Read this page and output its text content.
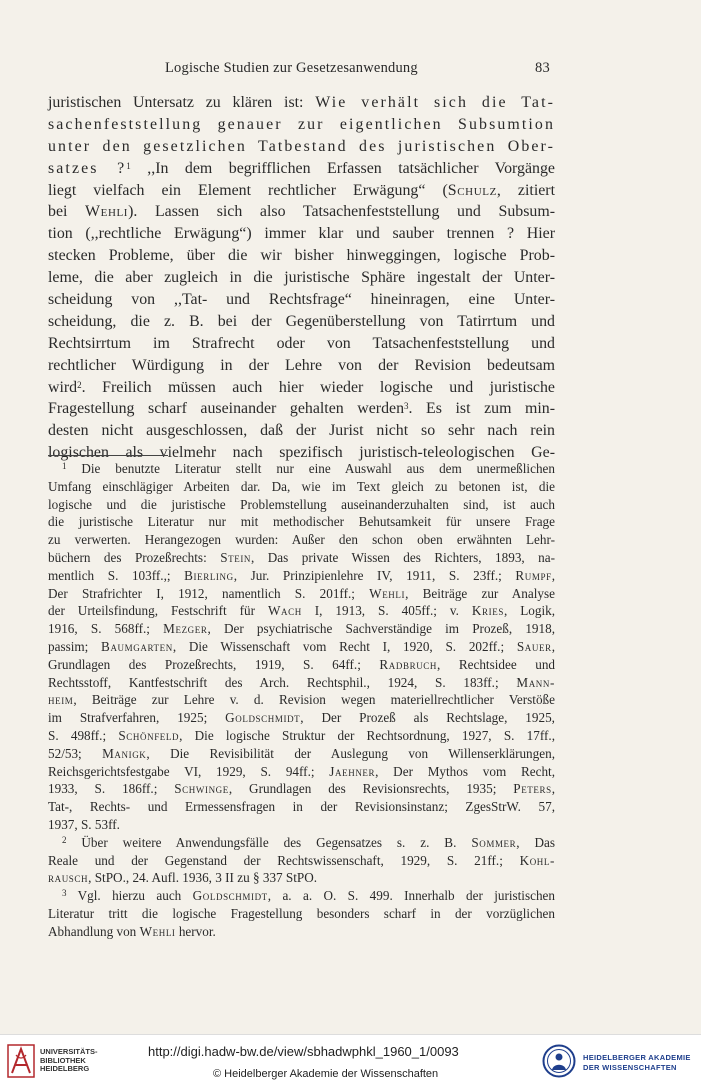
Logische Studien zur Gesetzesanwendung	83
juristischen Untersatz zu klären ist: Wie verhält sich die Tat-
sachenfeststellung genauer zur eigentlichen Subsumtion
unter den gesetzlichen Tatbestand des juristischen Ober-
satzes ?$^1$ ,,In dem begrifflichen Erfassen tatsächlicher Vorgänge
liegt vielfach ein Element rechtlicher Erwägung“ (Schulz, zitiert
bei Wehli). Lassen sich also Tatsachenfeststellung und Subsum-
tion (,,rechtliche Erwägung“) immer klar und sauber trennen ? Hier
stecken Probleme, über die wir bisher hinweggingen, logische Prob-
leme, die aber zugleich in die juristische Sphäre ingestalt der Unter-
scheidung von ,,Tat- und Rechtsfrage“ hineinragen, eine Unter-
scheidung, die z. B. bei der Gegenüberstellung von Tatirrtum und
Rechtsirrtum im Strafrecht oder von Tatsachenfeststellung und
rechtlicher Würdigung in der Lehre von der Revision bedeutsam
wird$^2$. Freilich müssen auch hier wieder logische und juristische
Fragestellung scharf auseinander gehalten werden$^3$. Es ist zum min-
desten nicht ausgeschlossen, daß der Jurist nicht so sehr nach rein
logischen als vielmehr nach spezifisch juristisch-teleologischen Ge-
$^1$ Die benutzte Literatur stellt nur eine Auswahl aus dem unermeßlichen
Umfang einschlägiger Arbeiten dar. Da, wie im Text gleich zu betonen ist, die
logische und die juristische Problemstellung auseinanderzuhalten sind, ist auch
die juristische Literatur nur mit methodischer Behutsamkeit für unsere Frage
zu verwerten. Herangezogen wurden: Außer den schon oben erwähnten Lehr-
büchern des Prozeßrechts: Stein, Das private Wissen des Richters, 1893, na-
mentlich S. 103ff.,; Bierling, Jur. Prinzipienlehre IV, 1911, S. 23ff.; Rumpf,
Der Strafrichter I, 1912, namentlich S. 201ff.; Wehli, Beiträge zur Analyse
der Urteilsfindung, Festschrift für Wach I, 1913, S. 405ff.; v. Kries, Logik,
1916, S. 568ff.; Mezger, Der psychiatrische Sachverständige im Prozeß, 1918,
passim; Baumgarten, Die Wissenschaft vom Recht I, 1920, S. 202ff.; Sauer,
Grundlagen des Prozeßrechts, 1919, S. 64ff.; Radbruch, Rechtsidee und
Rechtsstoff, Kantfestschrift des Arch. Rechtsphil., 1924, S. 183ff.; Mann-
heim, Beiträge zur Lehre v. d. Revision wegen materiellrechtlicher Verstöße
im Strafverfahren, 1925; Goldschmidt, Der Prozeß als Rechtslage, 1925,
S. 498ff.; Schönfeld, Die logische Struktur der Rechtsordnung, 1927, S. 17ff.,
52/53; Manigk, Die Revisibilität der Auslegung von Willenserklärungen,
Reichsgerichtsfestgabe VI, 1929, S. 94ff.; Jaehner, Der Mythos vom Recht,
1933, S. 186ff.; Schwinge, Grundlagen des Revisionsrechts, 1935; Peters,
Tat-, Rechts- und Ermessensfragen in der Revisionsinstanz; ZgesStrW. 57,
1937, S. 53ff.
$^2$ Über weitere Anwendungsfälle des Gegensatzes s. z. B. Sommer, Das
Reale und der Gegenstand der Rechtswissenschaft, 1929, S. 21ff.; Kohl-
rausch, StPO., 24. Aufl. 1936, 3 II zu § 337 StPO.
$^3$ Vgl. hierzu auch Goldschmidt, a. a. O. S. 499. Innerhalb der juristischen
Literatur tritt die logische Fragestellung besonders scharf in der vorzüglichen
Abhandlung von Wehli hervor.
UNIVERSITÄTS-
BIBLIOTHEK
HEIDELBERG
http://digi.hadw-bw.de/view/sbhadwphkl_1960_1/0093
© Heidelberger Akademie der Wissenschaften
HEIDELBERGER AKADEMIE
DER WISSENSCHAFTEN
